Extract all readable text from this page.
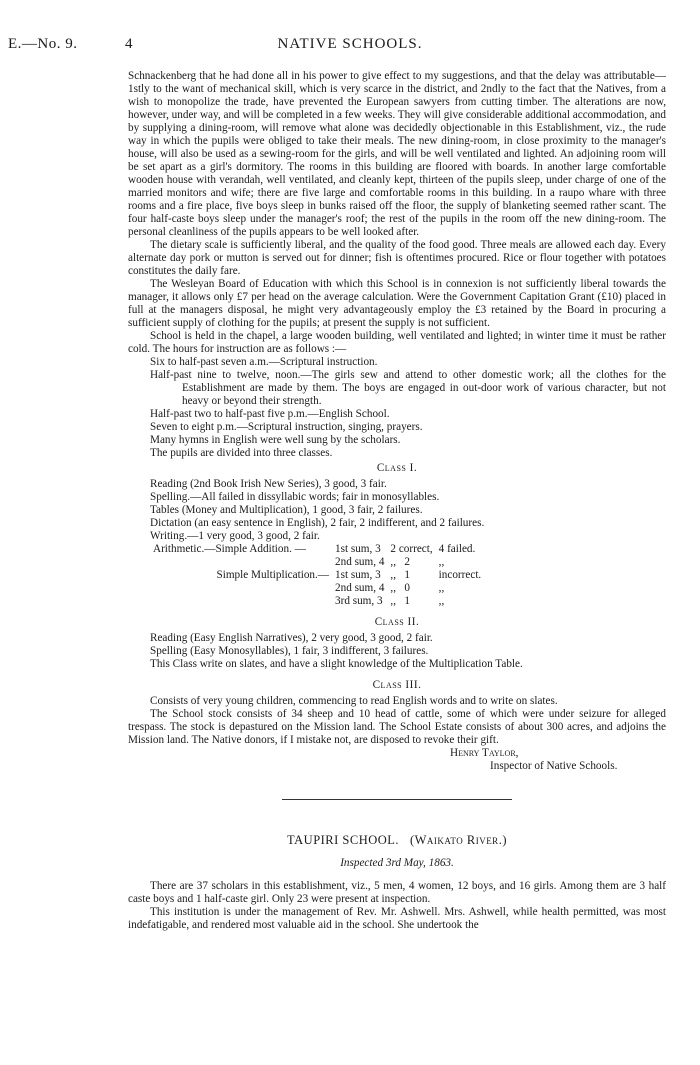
E.—No. 9.	4	NATIVE SCHOOLS.

Schnackenberg that he had done all in his power to give effect to my suggestions, and that the delay was attributable—1stly to the want of mechanical skill, which is very scarce in the district, and 2ndly to the fact that the Natives, from a wish to monopolize the trade, have prevented the European sawyers from cutting timber. The alterations are now, however, under way, and will be completed in a few weeks. They will give considerable additional accommodation, and by supplying a dining-room, will remove what alone was decidedly objectionable in this Establishment, viz., the rude way in which the pupils were obliged to take their meals. The new dining-room, in close proximity to the manager's house, will also be used as a sewing-room for the girls, and will be well ventilated and lighted. An adjoining room will be set apart as a girl's dormitory. The rooms in this building are floored with boards. In another large comfortable wooden house with verandah, well ventilated, and cleanly kept, thirteen of the pupils sleep, under charge of one of the married monitors and wife; there are five large and comfortable rooms in this building. In a raupo whare with three rooms and a fire place, five boys sleep in bunks raised off the floor, the supply of blanketing seemed rather scant. The four half-caste boys sleep under the manager's roof; the rest of the pupils in the room off the new dining-room. The personal cleanliness of the pupils appears to be well looked after.

The dietary scale is sufficiently liberal, and the quality of the food good. Three meals are allowed each day. Every alternate day pork or mutton is served out for dinner; fish is oftentimes procured. Rice or flour together with potatoes constitutes the daily fare.

The Wesleyan Board of Education with which this School is in connexion is not sufficiently liberal towards the manager, it allows only £7 per head on the average calculation. Were the Government Capitation Grant (£10) placed in full at the managers disposal, he might very advantageously employ the £3 retained by the Board in procuring a sufficient supply of clothing for the pupils; at present the supply is not sufficient.

School is held in the chapel, a large wooden building, well ventilated and lighted; in winter time it must be rather cold. The hours for instruction are as follows :—

Six to half-past seven a.m.—Scriptural instruction.

Half-past nine to twelve, noon.—The girls sew and attend to other domestic work; all the clothes for the Establishment are made by them. The boys are engaged in out-door work of various character, but not heavy or beyond their strength.

Half-past two to half-past five p.m.—English School.

Seven to eight p.m.—Scriptural instruction, singing, prayers.

Many hymns in English were well sung by the scholars.

The pupils are divided into three classes.

Class I.

Reading (2nd Book Irish New Series), 3 good, 3 fair.

Spelling.—All failed in dissyllabic words; fair in monosyllables.

Tables (Money and Multiplication), 1 good, 3 fair, 2 failures.

Dictation (an easy sentence in English), 2 fair, 2 indifferent, and 2 failures.

Writing.—1 very good, 3 good, 2 fair.

Arithmetic.—Simple Addition. —	1st sum, 3	2 correct,	4 failed.
	2nd sum, 4	,, 2	,,
Simple Multiplication.—	1st sum, 3	,, 1	incorrect.
	2nd sum, 4	,, 0	,,
	3rd sum, 3	,, 1	,,
Class II.

Reading (Easy English Narratives), 2 very good, 3 good, 2 fair.

Spelling (Easy Monosyllables), 1 fair, 3 indifferent, 3 failures.

This Class write on slates, and have a slight knowledge of the Multiplication Table.

Class III.

Consists of very young children, commencing to read English words and to write on slates.

The School stock consists of 34 sheep and 10 head of cattle, some of which were under seizure for alleged trespass. The stock is depastured on the Mission land. The School Estate consists of about 300 acres, and adjoins the Mission land. The Native donors, if I mistake not, are disposed to revoke their gift.

Henry Taylor,

Inspector of Native Schools.

TAUPIRI SCHOOL. (Waikato River.)
Inspected 3rd May, 1863.

There are 37 scholars in this establishment, viz., 5 men, 4 women, 12 boys, and 16 girls. Among them are 3 half caste boys and 1 half-caste girl. Only 23 were present at inspection.

This institution is under the management of Rev. Mr. Ashwell. Mrs. Ashwell, while health permitted, was most indefatigable, and rendered most valuable aid in the school. She undertook the
